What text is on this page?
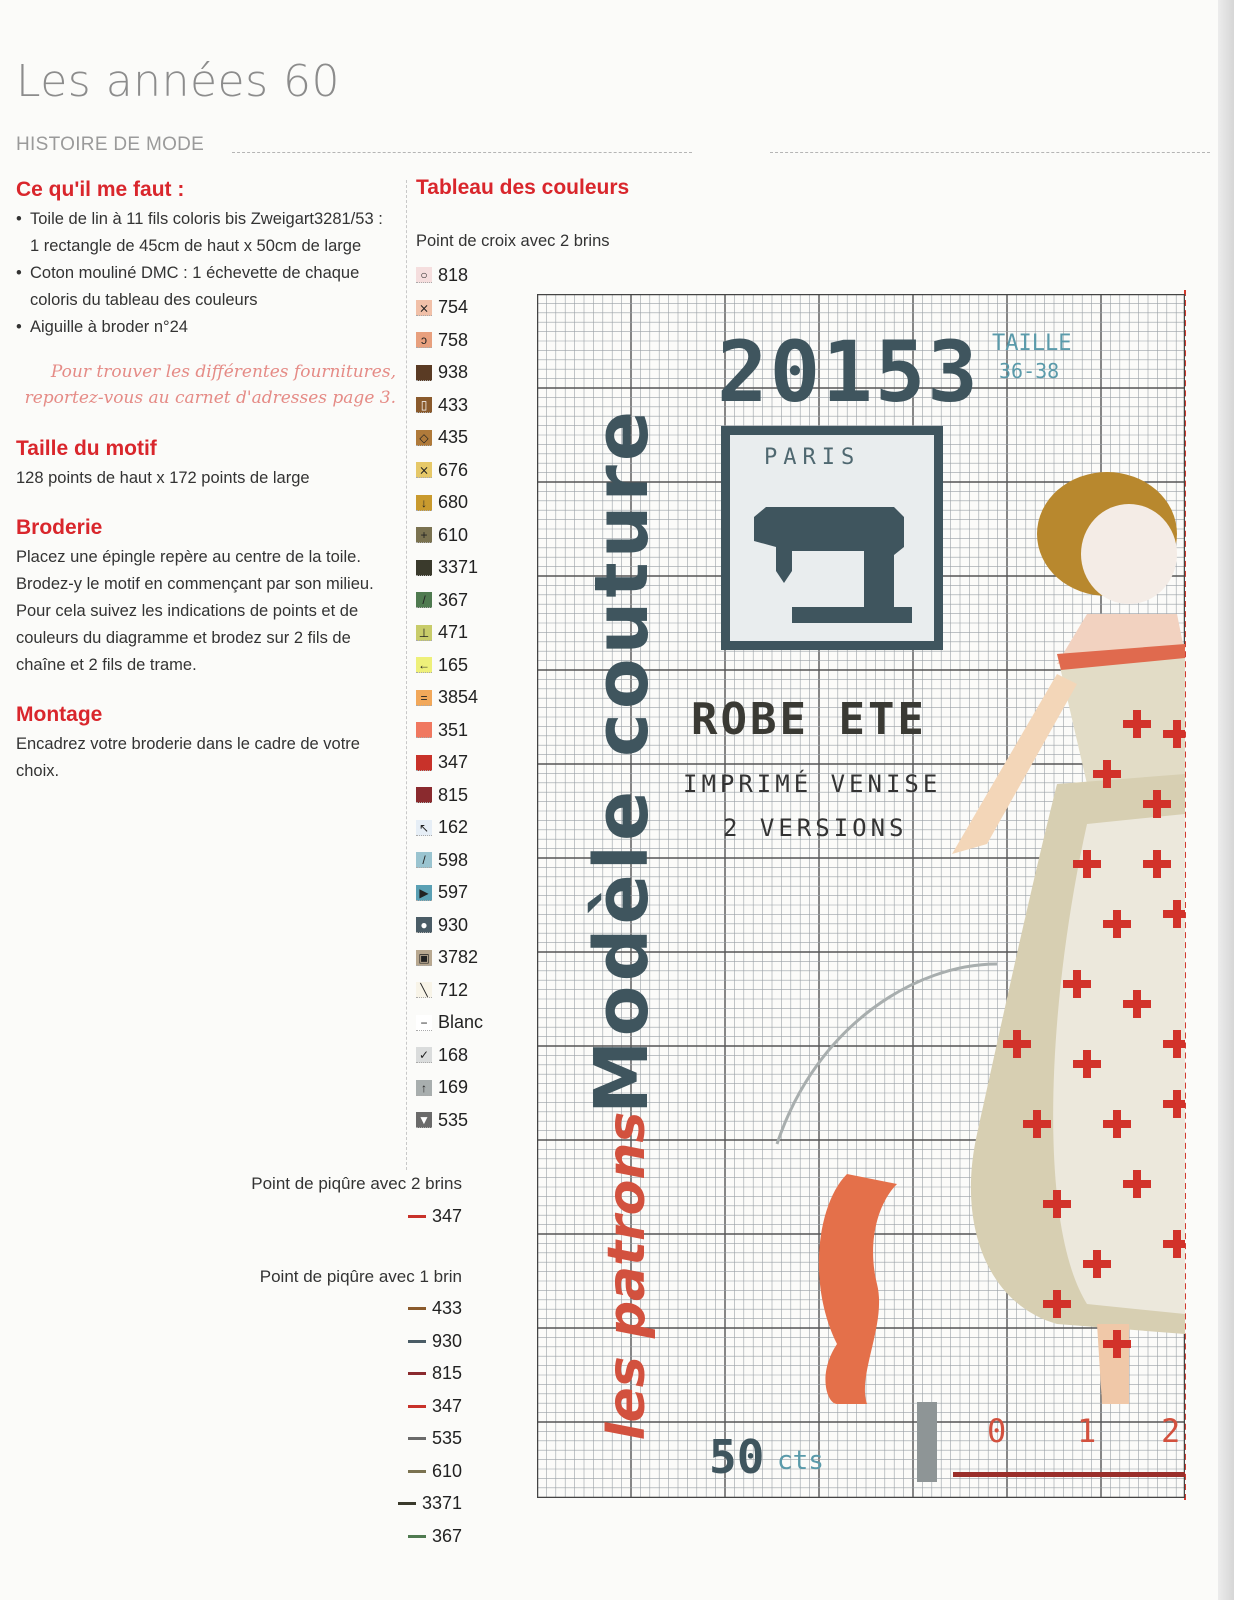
Les années 60
HISTOIRE DE MODE
Ce qu'il me faut :
• Toile de lin à 11 fils coloris bis Zweigart3281/53 : 1 rectangle de 45cm de haut x 50cm de large
• Coton mouliné DMC : 1 échevette de chaque coloris du tableau des couleurs
• Aiguille à broder n°24
Pour trouver les différentes fournitures, reportez-vous au carnet d'adresses page 3.
Taille du motif
128 points de haut x 172 points de large
Broderie
Placez une épingle repère au centre de la toile. Brodez-y le motif en commençant par son milieu. Pour cela suivez les indications de points et de couleurs du diagramme et brodez sur 2 fils de chaîne et 2 fils de trame.
Montage
Encadrez votre broderie dans le cadre de votre choix.
Tableau des couleurs
Point de croix avec 2 brins
○ 818
⨯ 754
ↄ 758
938
▯ 433
◇ 435
⨯ 676
↓ 680
+ 610
3371
/ 367
⊥ 471
← 165
= 3854
351
347
815
↖ 162
/ 598
▶ 597
● 930
▣ 3782
╲ 712
− Blanc
✓ 168
↑ 169
▼ 535
Point de piqûre avec 2 brins
347
Point de piqûre avec 1 brin
433
930
815
347
535
610
3371
367
20153 TAILLE
36-38
PARIS
ROBE ETE
IMPRIMÉ VENISE
2 VERSIONS
Modèle couture
les patrons
50 cts
0 1 2
